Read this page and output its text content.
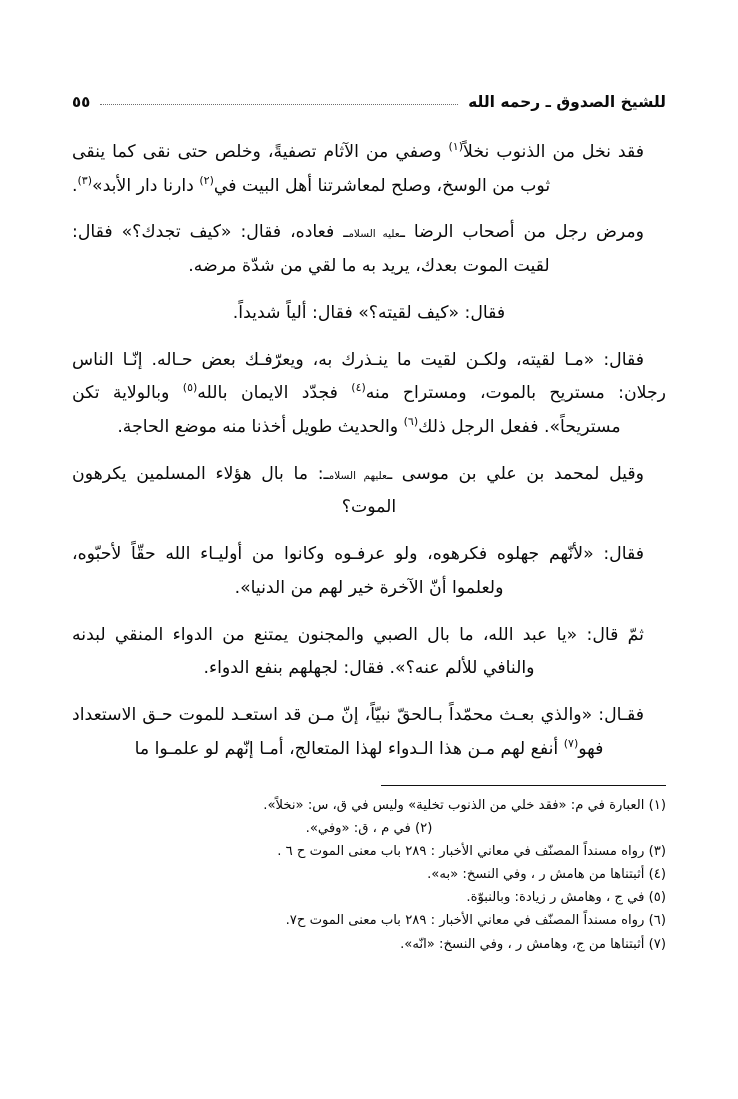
للشيخ الصدوق ـ رحمه الله
٥٥

فقد نخل من الذنوب نخلاً$^{(١)}$ وصفي من الآثام تصفيةً، وخلص حتى نقى كما ينقى ثوب من الوسخ، وصلح لمعاشرتنا أهل البيت في$^{(٢)}$ دارنا دار الأبد»$^{(٣)}$.

ومرض رجل من أصحاب الرضا ـعليه السلامـ فعاده، فقال: «كيف تجدك؟» فقال: لقيت الموت بعدك، يريد به ما لقي من شدّة مرضه.

فقال: «كيف لقيته؟» فقال: ألياً شديداً.

فقال: «مـا لقيته، ولكـن لقيت ما ينـذرك به، ويعرّفـك بعض حـاله. إنّـا الناس رجلان: مستريح بالموت، ومستراح منه$^{(٤)}$ فجدّد الايمان بالله$^{(٥)}$ وبالولاية تكن مستريحاً». ففعل الرجل ذلك$^{(٦)}$ والحديث طويل أخذنا منه موضع الحاجة.

وقيل لمحمد بن علي بن موسى ـعليهم السلامـ: ما بال هؤلاء المسلمين يكرهون الموت؟

فقال: «لأنّهم جهلوه فكرهوه، ولو عرفـوه وكانوا من أوليـاء الله حقّاً لأحبّوه، ولعلموا أنّ الآخرة خير لهم من الدنيا».

ثمّ قال: «يا عبد الله، ما بال الصبي والمجنون يمتنع من الدواء المنقي لبدنه والنافي للألم عنه؟». فقال: لجهلهم بنفع الدواء.

فقـال: «والذي بعـث محمّداً بـالحقّ نبيّاً، إنّ مـن قد استعـد للموت حـق الاستعداد فهو$^{(٧)}$ أنفع لهم مـن هذا الـدواء لهذا المتعالج، أمـا إنّهم لو علمـوا ما

(١) العبارة في م: «فقد خلي من الذنوب تخلية» وليس في ق، س: «نخلاً».

(٢) في م ، ق: «وفي».

(٣) رواه مسنداً المصنّف في معاني الأخبار : ٢٨٩ باب معنى الموت ح ٦ .

(٤) أثبتناها من هامش ر ، وفي النسخ: «به».

(٥) في ج ، وهامش ر زيادة: وبالنبوّة.

(٦) رواه مسنداً المصنّف في معاني الأخبار : ٢٨٩ باب معنى الموت ح٧.

(٧) أثبتناها من ج، وهامش ر ، وفي النسخ: «انّه».
